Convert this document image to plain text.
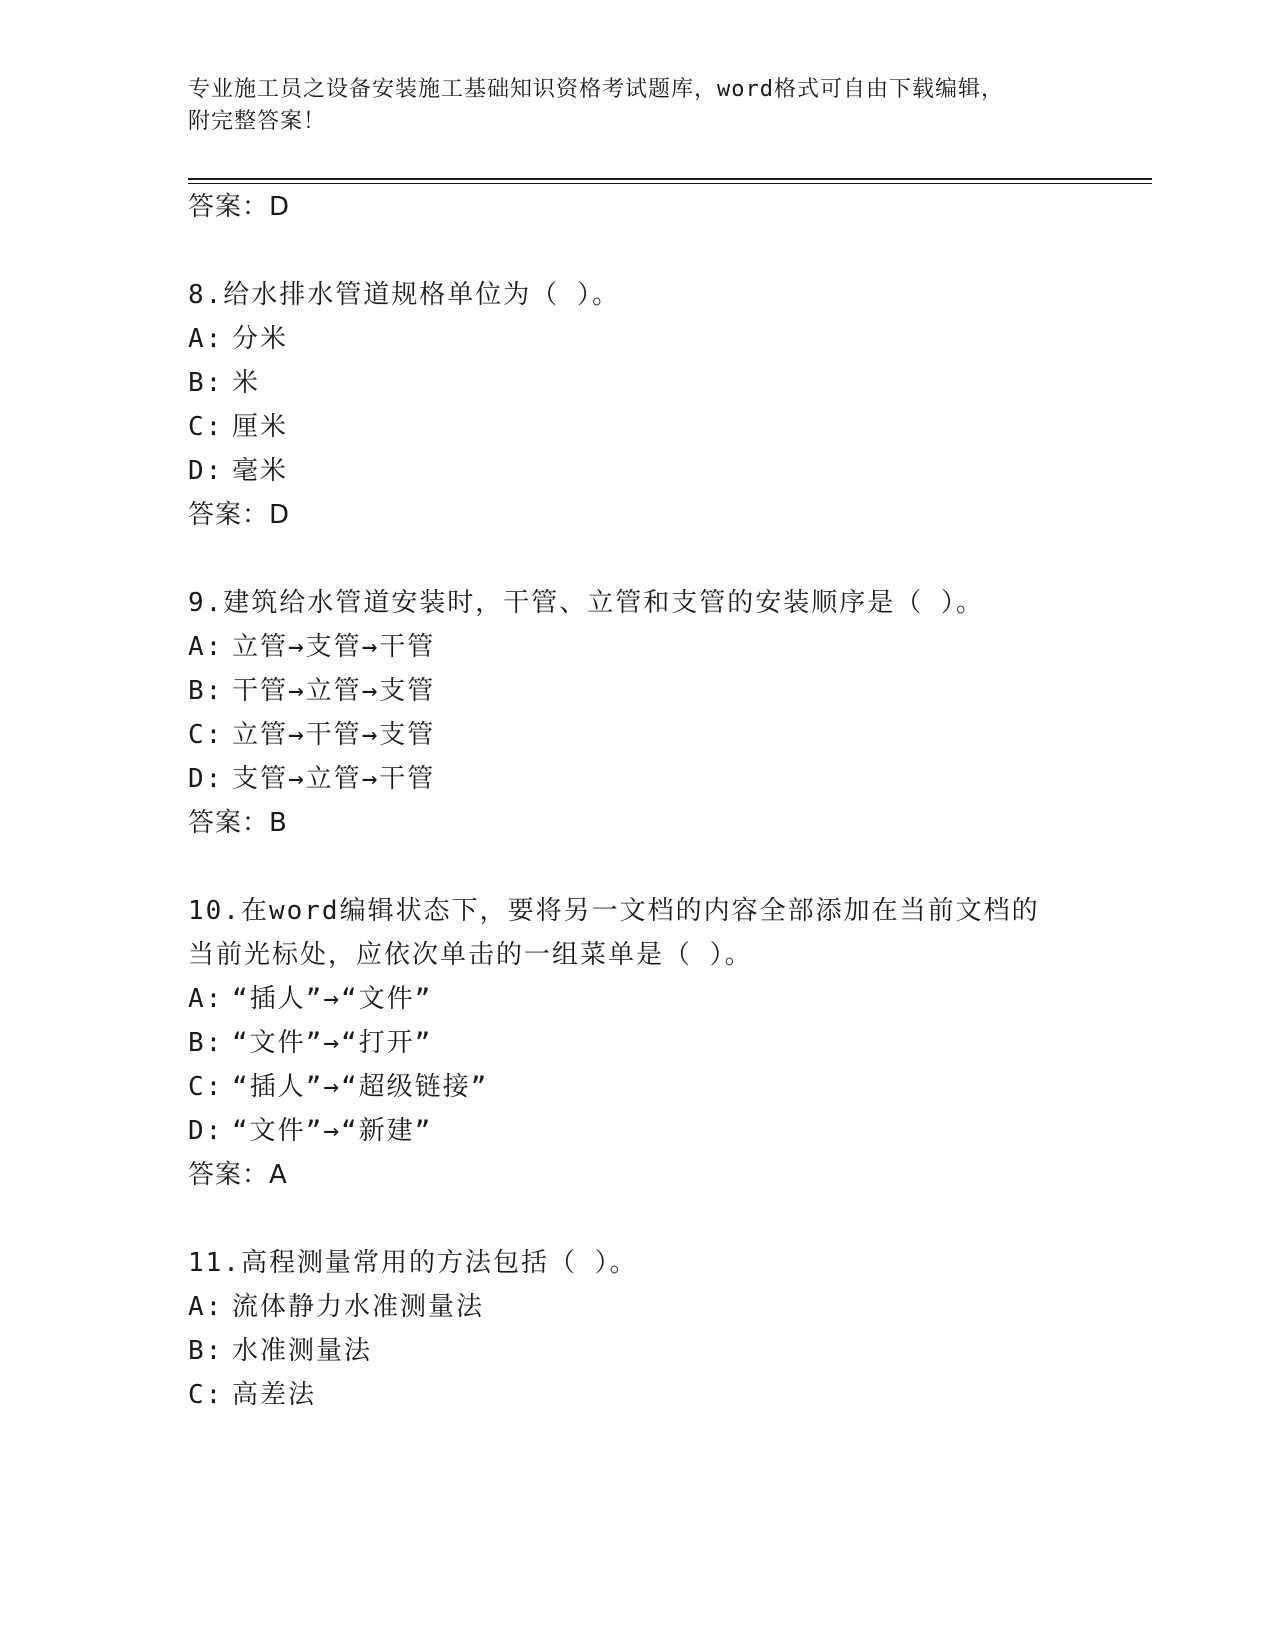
专业施工员之设备安装施工基础知识资格考试题库，word格式可自由下载编辑，
附完整答案！
答案：D
8.给水排水管道规格单位为（ ）。
A: 分米
B: 米
C: 厘米
D: 毫米
答案：D
9.建筑给水管道安装时，干管、立管和支管的安装顺序是（ ）。
A: 立管→支管→干管
B: 干管→立管→支管
C: 立管→干管→支管
D: 支管→立管→干管
答案：B
10.在word编辑状态下，要将另一文档的内容全部添加在当前文档的
当前光标处，应依次单击的一组菜单是（ ）。
A: “插人”→“文件”
B: “文件”→“打开”
C: “插人”→“超级链接”
D: “文件”→“新建”
答案：A
11.高程测量常用的方法包括（ ）。
A: 流体静力水准测量法
B: 水准测量法
C: 高差法
